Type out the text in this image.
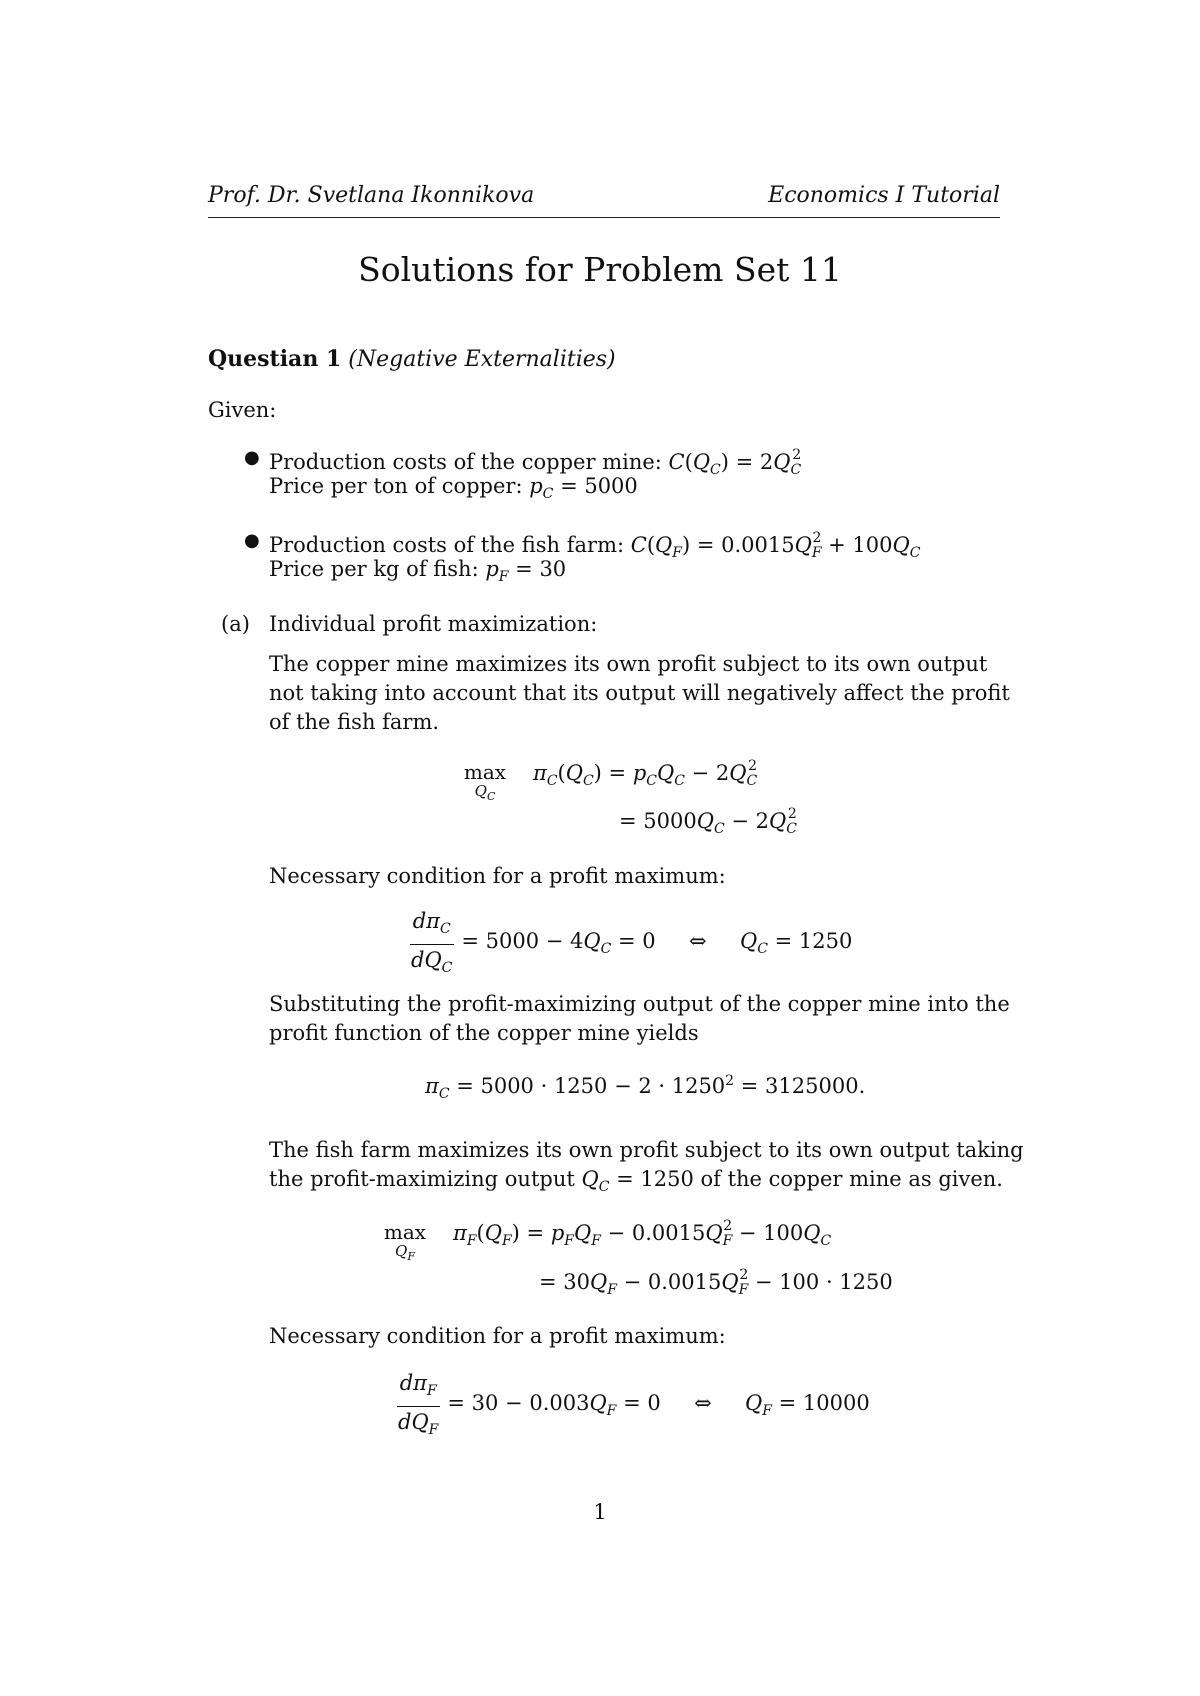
Prof. Dr. Svetlana Ikonnikova	Economics I Tutorial
Solutions for Problem Set 11
Questian 1 (Negative Externalities)
Given:
● Production costs of the copper mine: $C(Q_C) = 2Q_C^2$
Price per ton of copper: $p_C = 5000$
● Production costs of the fish farm: $C(Q_F) = 0.0015Q_F^2 + 100Q_C$
Price per kg of fish: $p_F = 30$
(a) Individual profit maximization:
The copper mine maximizes its own profit subject to its own output
not taking into account that its output will negatively affect the profit
of the fish farm.
max
$Q_C$
$\pi_C(Q_C) = p_CQ_C - 2Q_C^2$
= $5000Q_C - 2Q_C^2$
Necessary condition for a profit maximum:
$\frac{d\pi_C}{dQ_C} = 5000 - 4Q_C = 0$     ⇔     $Q_C = 1250$
Substituting the profit-maximizing output of the copper mine into the
profit function of the copper mine yields
$\pi_C = 5000 \cdot 1250 - 2 \cdot 1250^2 = 3125000$.
The fish farm maximizes its own profit subject to its own output taking
the profit-maximizing output $Q_C = 1250$ of the copper mine as given.
max
$Q_F$
$\pi_F(Q_F) = p_FQ_F - 0.0015Q_F^2 - 100Q_C$
= $30Q_F - 0.0015Q_F^2 - 100 \cdot 1250$
Necessary condition for a profit maximum:
$\frac{d\pi_F}{dQ_F} = 30 - 0.003Q_F = 0$     ⇔     $Q_F = 10000$
1
